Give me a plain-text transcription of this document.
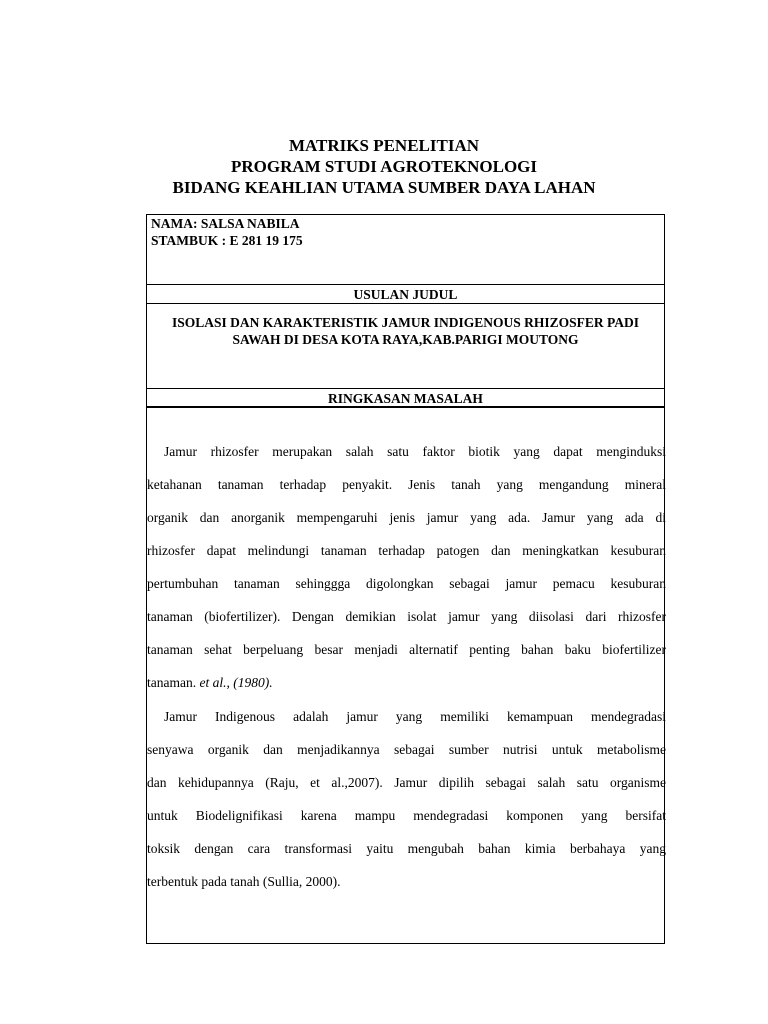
MATRIKS PENELITIAN
PROGRAM STUDI AGROTEKNOLOGI
BIDANG KEAHLIAN UTAMA SUMBER DAYA LAHAN
NAMA: SALSA NABILA
STAMBUK : E 281 19 175
USULAN JUDUL
ISOLASI DAN KARAKTERISTIK JAMUR INDIGENOUS RHIZOSFER PADI
SAWAH DI DESA KOTA RAYA,KAB.PARIGI MOUTONG
RINGKASAN MASALAH
Jamur rhizosfer merupakan salah satu faktor biotik yang dapat menginduksi
ketahanan tanaman terhadap penyakit. Jenis tanah yang mengandung mineral
organik dan anorganik mempengaruhi jenis jamur yang ada. Jamur yang ada di
rhizosfer dapat melindungi tanaman terhadap patogen dan meningkatkan kesuburan
pertumbuhan tanaman sehinggga digolongkan sebagai jamur pemacu kesuburan
tanaman (biofertilizer). Dengan demikian isolat jamur yang diisolasi dari rhizosfer
tanaman sehat berpeluang besar menjadi alternatif penting bahan baku biofertilizer
tanaman. et al., (1980).
Jamur Indigenous adalah jamur yang memiliki kemampuan mendegradasi
senyawa organik dan menjadikannya sebagai sumber nutrisi untuk metabolisme
dan kehidupannya (Raju, et al.,2007). Jamur dipilih sebagai salah satu organisme
untuk Biodelignifikasi karena mampu mendegradasi komponen yang bersifat
toksik dengan cara transformasi yaitu mengubah bahan kimia berbahaya yang
terbentuk pada tanah (Sullia, 2000).
